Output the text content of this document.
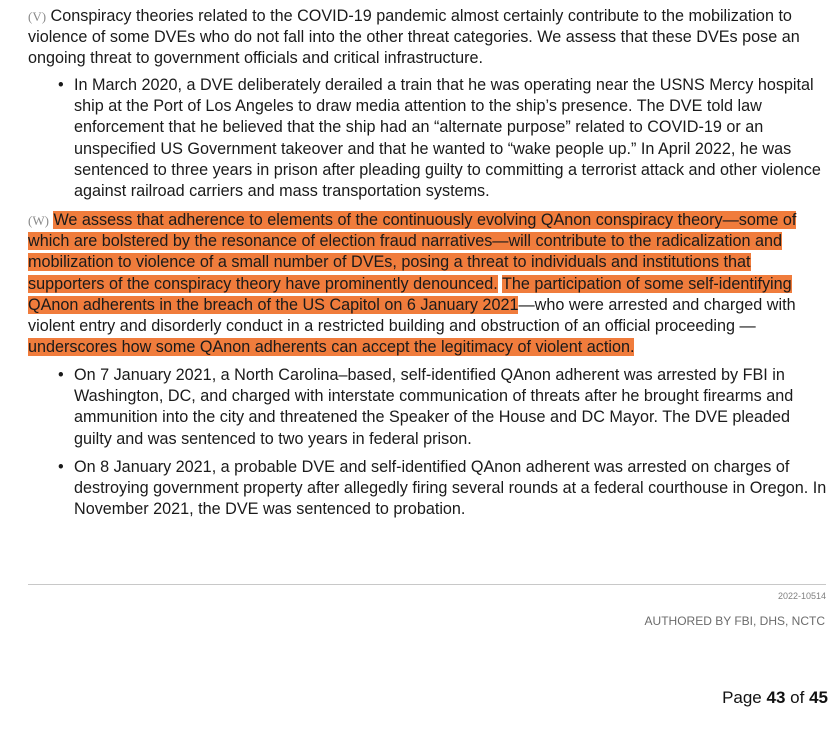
(V) Conspiracy theories related to the COVID-19 pandemic almost certainly contribute to the mobilization to violence of some DVEs who do not fall into the other threat categories. We assess that these DVEs pose an ongoing threat to government officials and critical infrastructure.
• In March 2020, a DVE deliberately derailed a train that he was operating near the USNS Mercy hospital ship at the Port of Los Angeles to draw media attention to the ship’s presence. The DVE told law enforcement that he believed that the ship had an “alternate purpose” related to COVID-19 or an unspecified US Government takeover and that he wanted to “wake people up.” In April 2022, he was sentenced to three years in prison after pleading guilty to committing a terrorist attack and other violence against railroad carriers and mass transportation systems.
(W) We assess that adherence to elements of the continuously evolving QAnon conspiracy theory—some of which are bolstered by the resonance of election fraud narratives—will contribute to the radicalization and mobilization to violence of a small number of DVEs, posing a threat to individuals and institutions that supporters of the conspiracy theory have prominently denounced. The participation of some self-identifying QAnon adherents in the breach of the US Capitol on 6 January 2021—who were arrested and charged with violent entry and disorderly conduct in a restricted building and obstruction of an official proceeding — underscores how some QAnon adherents can accept the legitimacy of violent action.
• On 7 January 2021, a North Carolina–based, self-identified QAnon adherent was arrested by FBI in Washington, DC, and charged with interstate communication of threats after he brought firearms and ammunition into the city and threatened the Speaker of the House and DC Mayor. The DVE pleaded guilty and was sentenced to two years in federal prison.
• On 8 January 2021, a probable DVE and self-identified QAnon adherent was arrested on charges of destroying government property after allegedly firing several rounds at a federal courthouse in Oregon. In November 2021, the DVE was sentenced to probation.
2022-10514
AUTHORED BY FBI, DHS, NCTC
Page 43 of 45
